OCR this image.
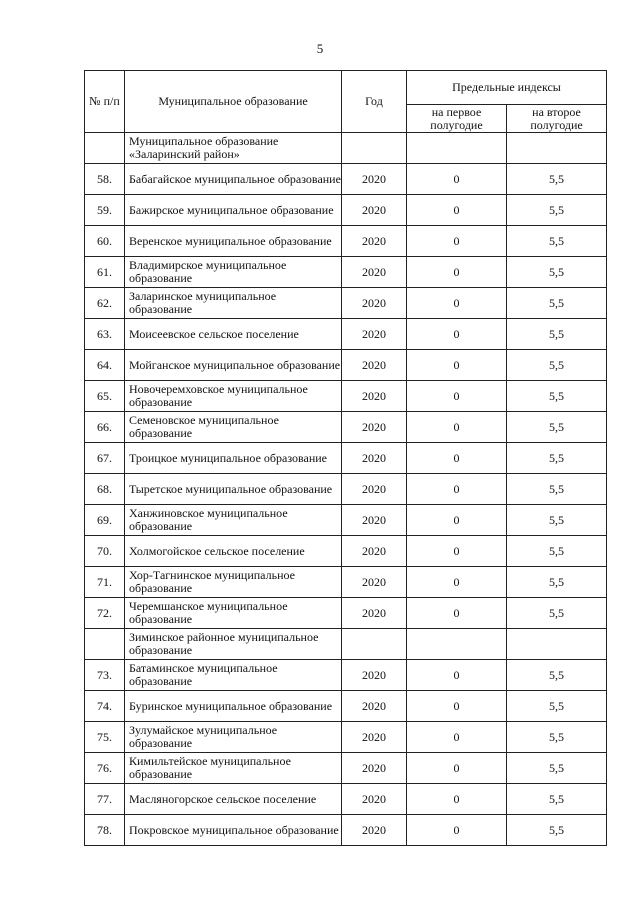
5
№ п/п	Муниципальное образование	Год	Предельные индексы	
			на первое полугодие	на второе полугодие
	Муниципальное образование «Заларинский район»			
58.	Бабагайское муниципальное образование	2020	0	5,5
59.	Бажирское муниципальное образование	2020	0	5,5
60.	Веренское муниципальное образование	2020	0	5,5
61.	Владимирское муниципальное образование	2020	0	5,5
62.	Заларинское муниципальное образование	2020	0	5,5
63.	Моисеевское сельское поселение	2020	0	5,5
64.	Мойганское муниципальное образование	2020	0	5,5
65.	Новочеремховское муниципальное образование	2020	0	5,5
66.	Семеновское муниципальное образование	2020	0	5,5
67.	Троицкое муниципальное образование	2020	0	5,5
68.	Тыретское муниципальное образование	2020	0	5,5
69.	Ханжиновское муниципальное образование	2020	0	5,5
70.	Холмогойское сельское поселение	2020	0	5,5
71.	Хор-Тагнинское муниципальное образование	2020	0	5,5
72.	Черемшанское муниципальное образование	2020	0	5,5
	Зиминское районное муниципальное образование			
73.	Батаминское муниципальное образование	2020	0	5,5
74.	Буринское муниципальное образование	2020	0	5,5
75.	Зулумайское муниципальное образование	2020	0	5,5
76.	Кимильтейское муниципальное образование	2020	0	5,5
77.	Масляногорское сельское поселение	2020	0	5,5
78.	Покровское муниципальное образование	2020	0	5,5
